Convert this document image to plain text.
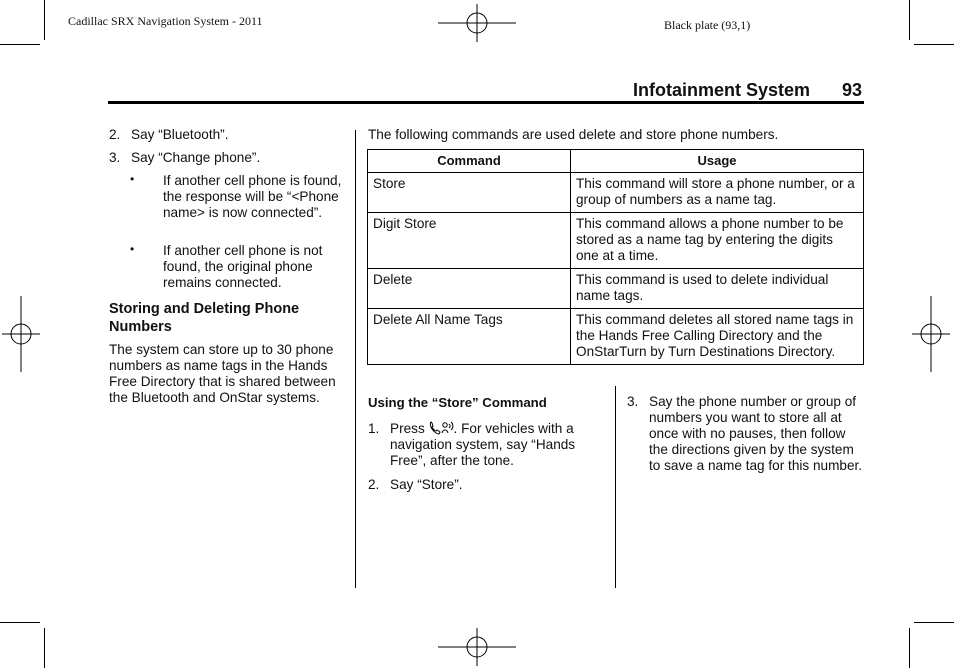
Cadillac SRX Navigation System - 2011	Black plate (93,1)
Infotainment System 93
2. Say “Bluetooth”.
3. Say “Change phone”.
• If another cell phone is found, the response will be “<Phone name> is now connected”.
• If another cell phone is not found, the original phone remains connected.
Storing and Deleting Phone Numbers
The system can store up to 30 phone numbers as name tags in the Hands Free Directory that is shared between the Bluetooth and OnStar systems.
The following commands are used delete and store phone numbers.
Command	Usage
Store	This command will store a phone number, or a group of numbers as a name tag.
Digit Store	This command allows a phone number to be stored as a name tag by entering the digits one at a time.
Delete	This command is used to delete individual name tags.
Delete All Name Tags	This command deletes all stored name tags in the Hands Free Calling Directory and the OnStarTurn by Turn Destinations Directory.
Using the “Store” Command
1. Press . For vehicles with a navigation system, say “Hands Free”, after the tone.
2. Say “Store”.
3. Say the phone number or group of numbers you want to store all at once with no pauses, then follow the directions given by the system to save a name tag for this number.
